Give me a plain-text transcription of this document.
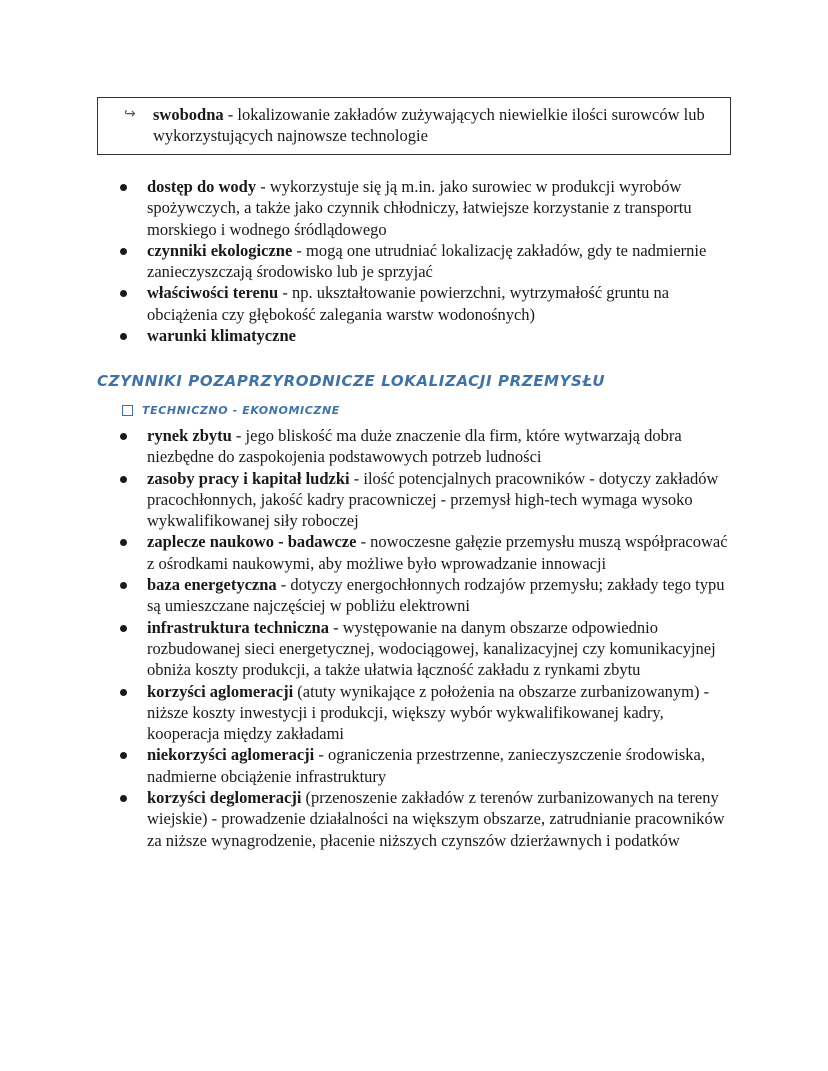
↪ swobodna - lokalizowanie zakładów zużywających niewielkie ilości surowców lub wykorzystujących najnowsze technologie
dostęp do wody - wykorzystuje się ją m.in. jako surowiec w produkcji wyrobów spożywczych, a także jako czynnik chłodniczy, łatwiejsze korzystanie z transportu morskiego i wodnego śródlądowego
czynniki ekologiczne - mogą one utrudniać lokalizację zakładów, gdy te nadmiernie zanieczyszczają środowisko lub je sprzyjać
właściwości terenu - np. ukształtowanie powierzchni, wytrzymałość gruntu na obciążenia czy głębokość zalegania warstw wodonośnych)
warunki klimatyczne
CZYNNIKI POZAPRZYRODNICZE LOKALIZACJI PRZEMYSŁU
TECHNICZNO - EKONOMICZNE
rynek zbytu - jego bliskość ma duże znaczenie dla firm, które wytwarzają dobra niezbędne do zaspokojenia podstawowych potrzeb ludności
zasoby pracy i kapitał ludzki - ilość potencjalnych pracowników - dotyczy zakładów pracochłonnych, jakość kadry pracowniczej - przemysł high-tech wymaga wysoko wykwalifikowanej siły roboczej
zaplecze naukowo - badawcze - nowoczesne gałęzie przemysłu muszą współpracować z ośrodkami naukowymi, aby możliwe było wprowadzanie innowacji
baza energetyczna - dotyczy energochłonnych rodzajów przemysłu; zakłady tego typu są umieszczane najczęściej w pobliżu elektrowni
infrastruktura techniczna - występowanie na danym obszarze odpowiednio rozbudowanej sieci energetycznej, wodociągowej, kanalizacyjnej czy komunikacyjnej obniża koszty produkcji, a także ułatwia łączność zakładu z rynkami zbytu
korzyści aglomeracji (atuty wynikające z położenia na obszarze zurbanizowanym) - niższe koszty inwestycji i produkcji, większy wybór wykwalifikowanej kadry, kooperacja między zakładami
niekorzyści aglomeracji - ograniczenia przestrzenne, zanieczyszczenie środowiska, nadmierne obciążenie infrastruktury
korzyści deglomeracji (przenoszenie zakładów z terenów zurbanizowanych na tereny wiejskie) - prowadzenie działalności na większym obszarze, zatrudnianie pracowników za niższe wynagrodzenie, płacenie niższych czynszów dzierżawnych i podatków
